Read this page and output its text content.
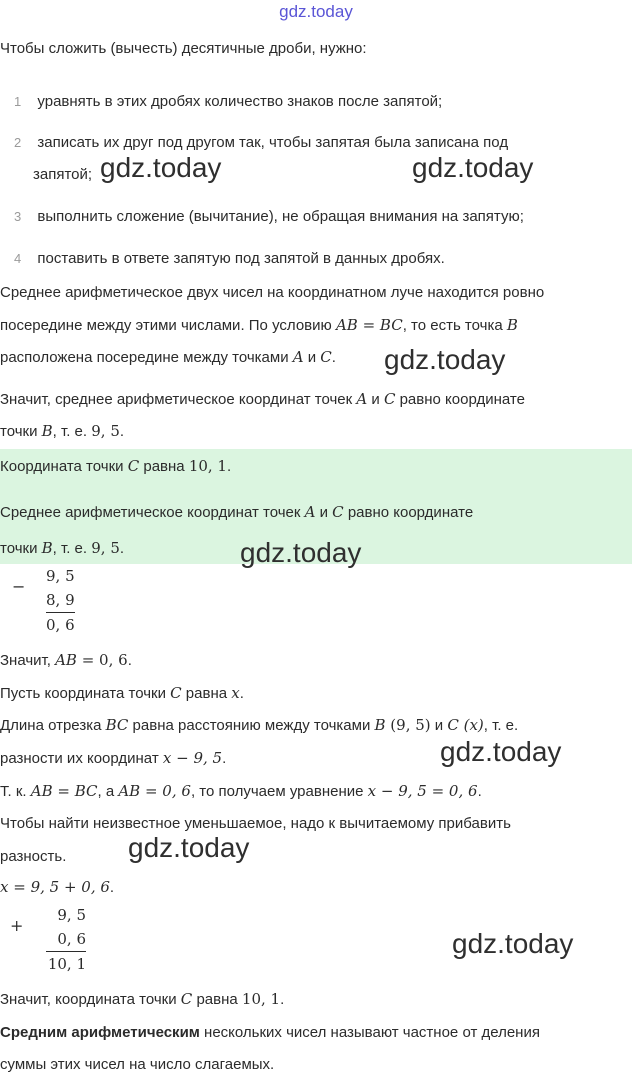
gdz.today
Чтобы сложить (вычесть) десятичные дроби, нужно:
1 уравнять в этих дробях количество знаков после запятой;
2 записать их друг под другом так, чтобы запятая была записана под
запятой;
3 выполнить сложение (вычитание), не обращая внимания на запятую;
4 поставить в ответе запятую под запятой в данных дробях.
Среднее арифметическое двух чисел на координатном луче находится ровно
посередине между этими числами. По условию AB = BC, то есть точка B
расположена посередине между точками A и C.
Значит, среднее арифметическое координат точек A и C равно координате
точки B, т. е. 9, 5.
Координата точки C равна 10, 1.
Среднее арифметическое координат точек A и C равно координате
точки B, т. е. 9, 5.
−
9, 5
8, 9
0, 6
Значит, AB = 0, 6.
Пусть координата точки C равна x.
Длина отрезка BC равна расстоянию между точками B (9, 5) и C (x), т. е.
разности их координат x − 9, 5.
Т. к. AB = BC, а AB = 0, 6, то получаем уравнение x − 9, 5 = 0, 6.
Чтобы найти неизвестное уменьшаемое, надо к вычитаемому прибавить
разность.
x = 9, 5 + 0, 6.
+
9, 5
0, 6
10, 1
Значит, координата точки C равна 10, 1.
Средним арифметическим нескольких чисел называют частное от деления
суммы этих чисел на число слагаемых.
gdz.today	gdz.today
gdz.today
gdz.today
gdz.today
gdz.today
gdz.today
